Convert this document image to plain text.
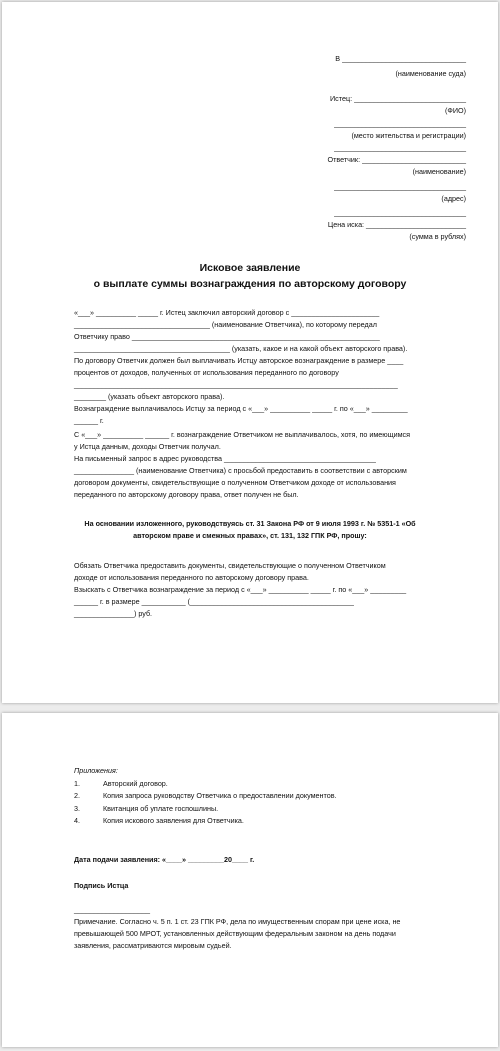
В _______________________________
(наименование суда)
Истец: ____________________________
(ФИО)
_________________________________
(место жительства и регистрации)
_________________________________
Ответчик: __________________________
(наименование)
_________________________________
(адрес)
_________________________________
Цена иска: _________________________
(сумма в рублях)
Исковое заявление
о выплате суммы вознаграждения по авторскому договору
«___» __________ _____ г. Истец заключил авторский договор с ______________________
__________________________________ (наименование Ответчика), по которому передал
Ответчику право ______________________________________________________________
_______________________________________ (указать, какое и на какой объект авторского права).
По договору Ответчик должен был выплачивать Истцу авторское вознаграждение в размере ____
процентов от доходов, полученных от использования переданного по договору
_________________________________________________________________________________
________ (указать объект авторского права).
Вознаграждение выплачивалось Истцу за период с «___» __________ _____ г. по «___» _________
______ г.
С «___» __________ ______ г. вознаграждение Ответчиком не выплачивалось, хотя, по имеющимся
у Истца данным, доходы Ответчик получал.
На письменный запрос в адрес руководства ______________________________________
_______________ (наименование Ответчика) с просьбой предоставить в соответствии с авторским
договором документы, свидетельствующие о полученном Ответчиком доходе от использования
переданного по авторскому договору права, ответ получен не был.
На основании изложенного, руководствуясь ст. 31 Закона РФ от 9 июля 1993 г. № 5351-1 «Об
авторском праве и смежных правах», ст. 131, 132 ГПК РФ, прошу:
Обязать Ответчика предоставить документы, свидетельствующие о полученном Ответчиком
доходе от использования переданного по авторскому договору права.
Взыскать с Ответчика вознаграждение за период с «___» __________ _____ г. по «___» _________
______ г. в размере ___________ (_________________________________________
_______________) руб.
Приложения:
1.	Авторский договор.
2.	Копия запроса руководству Ответчика о предоставлении документов.
3.	Квитанция об уплате госпошлины.
4.	Копия искового заявления для Ответчика.
Дата подачи заявления: «____» _________20____ г.
Подпись Истца
___________________
Примечание. Согласно ч. 5 п. 1 ст. 23 ГПК РФ, дела по имущественным спорам при цене иска, не
превышающей 500 МРОТ, установленных действующим федеральным законом на день подачи
заявления, рассматриваются мировым судьей.
